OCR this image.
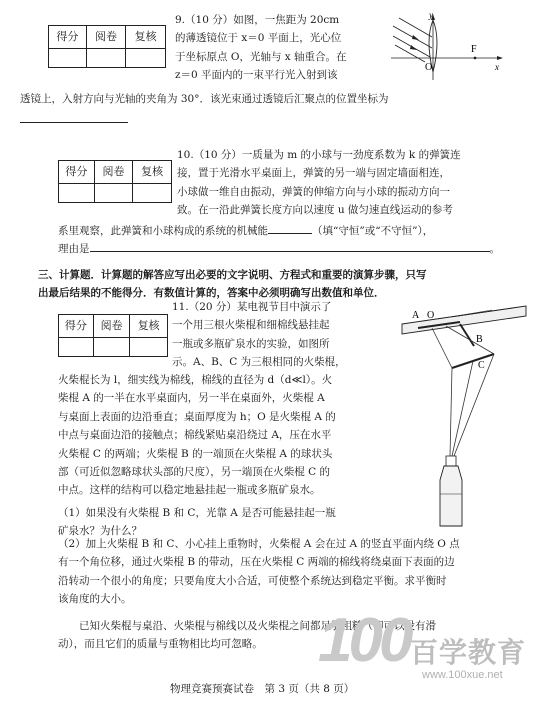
得分	阅卷	复核

9.（10 分）如图，一焦距为 20cm

的薄透镜位于 x＝0 平面上，光心位

于坐标原点 O，光轴与 x 轴重合。在

z＝0 平面内的一束平行光入射到该

透镜上，入射方向与光轴的夹角为 30°．该光束通过透镜后汇聚点的位置坐标为
y
O
F
x
得分	阅卷	复核

10.（10 分）一质量为 m 的小球与一劲度系数为 k 的弹簧连

接，置于光滑水平桌面上，弹簧的另一端与固定墙面相连，

小球做一维自由振动，弹簧的伸缩方向与小球的振动方向一

致。在一沿此弹簧长度方向以速度 u 做匀速直线运动的参考

系里观察，此弹簧和小球构成的系统的机械能	（填“守恒”或“不守恒”），
理由是	。
三、计算题．计算题的解答应写出必要的文字说明、方程式和重要的演算步骤，只写
出最后结果的不能得分．有数值计算的，答案中必须明确写出数值和单位．
得分	阅卷	复核

11.（20 分）某电视节目中演示了

一个用三根火柴棍和细棉线悬挂起

一瓶或多瓶矿泉水的实验，如图所

示。A、B、C 为三根相同的火柴棍，

火柴棍长为 l，细实线为棉线，棉线的直径为 d（d≪l）。火

柴棍 A 的一半在水平桌面内，另一半在桌面外，火柴棍 A

与桌面上表面的边沿垂直；桌面厚度为 h；O 是火柴棍 A 的

中点与桌面边沿的接触点；棉线紧贴桌沿绕过 A，压在水平

火柴棍 C 的两端；火柴棍 B 的一端顶在火柴棍 A 的球状头

部（可近似忽略球状头部的尺度），另一端顶在火柴棍 C 的

中点。这样的结构可以稳定地悬挂起一瓶或多瓶矿泉水。

（1）如果没有火柴棍 B 和 C，光靠 A 是否可能悬挂起一瓶

矿泉水？为什么？

（2）加上火柴棍 B 和 C、小心挂上重物时，火柴棍 A 会在过 A 的竖直平面内绕 O 点

有一个角位移，通过火柴棍 B 的带动，压在火柴棍 C 两端的棉线将绕桌面下表面的边

沿转动一个很小的角度；只要角度大小合适，可使整个系统达到稳定平衡。求平衡时

该角度的大小。

已知火柴棍与桌沿、火柴棍与棉线以及火柴棍之间都足够粗糙（即可以没有滑

动），而且它们的质量与重物相比均可忽略。

A O
B
C
100 百学教育
www.100xue.net
物理竞赛预赛试卷　第 3 页（共 8 页）
